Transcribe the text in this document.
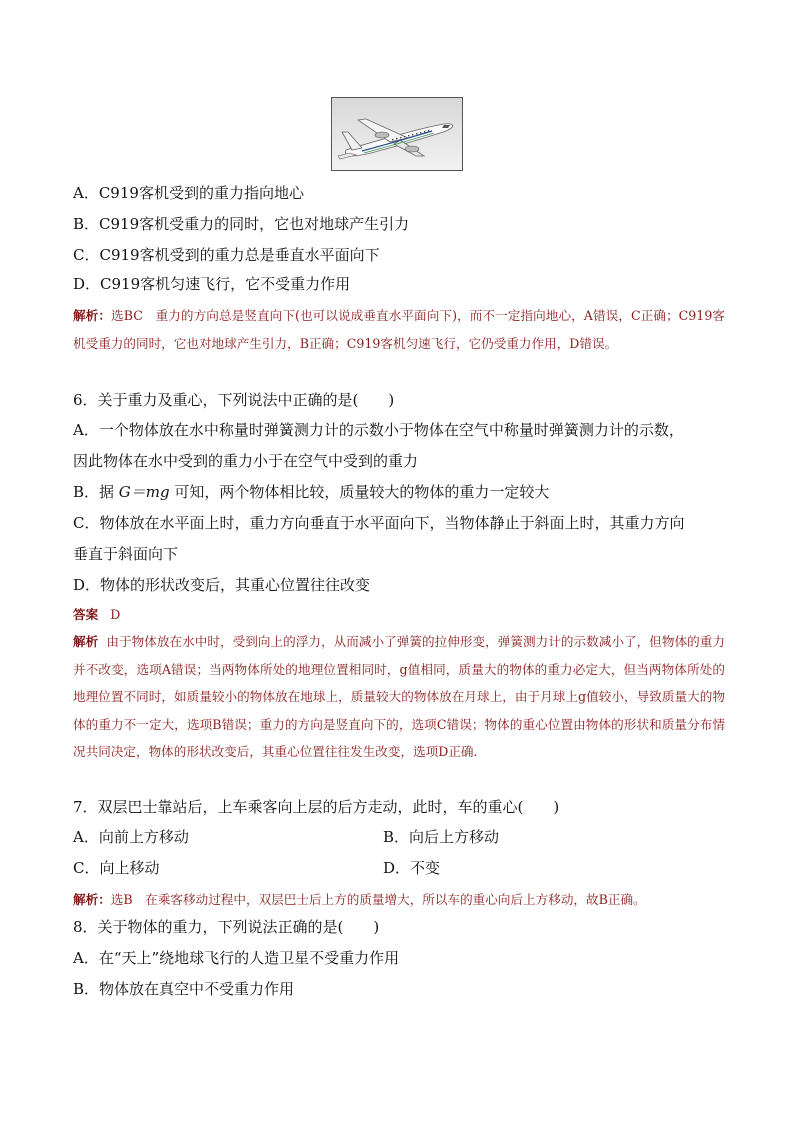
A．C919客机受到的重力指向地心
B．C919客机受重力的同时，它也对地球产生引力
C．C919客机受到的重力总是垂直水平面向下
D．C919客机匀速飞行，它不受重力作用
解析：选BC　重力的方向总是竖直向下(也可以说成垂直水平面向下)，而不一定指向地心，A错误，C正确；C919客机受重力的同时，它也对地球产生引力，B正确；C919客机匀速飞行，它仍受重力作用，D错误。
6．关于重力及重心，下列说法中正确的是(　　)
A．一个物体放在水中称量时弹簧测力计的示数小于物体在空气中称量时弹簧测力计的示数，
因此物体在水中受到的重力小于在空气中受到的重力
B．据 G＝mg 可知，两个物体相比较，质量较大的物体的重力一定较大
C．物体放在水平面上时，重力方向垂直于水平面向下，当物体静止于斜面上时，其重力方向
垂直于斜面向下
D．物体的形状改变后，其重心位置往往改变
答案 D
解析 由于物体放在水中时，受到向上的浮力，从而减小了弹簧的拉伸形变，弹簧测力计的示数减小了，但物体的重力并不改变，选项A错误；当两物体所处的地理位置相同时，g值相同，质量大的物体的重力必定大，但当两物体所处的地理位置不同时，如质量较小的物体放在地球上，质量较大的物体放在月球上，由于月球上g值较小，导致质量大的物体的重力不一定大，选项B错误；重力的方向是竖直向下的，选项C错误；物体的重心位置由物体的形状和质量分布情况共同决定，物体的形状改变后，其重心位置往往发生改变，选项D正确．
7．双层巴士靠站后，上车乘客向上层的后方走动，此时，车的重心(　　)
A．向前上方移动	B．向后上方移动
C．向上移动	D．不变
解析：选B　在乘客移动过程中，双层巴士后上方的质量增大，所以车的重心向后上方移动，故B正确。
8．关于物体的重力，下列说法正确的是(　　)
A．在“天上”绕地球飞行的人造卫星不受重力作用
B．物体放在真空中不受重力作用
